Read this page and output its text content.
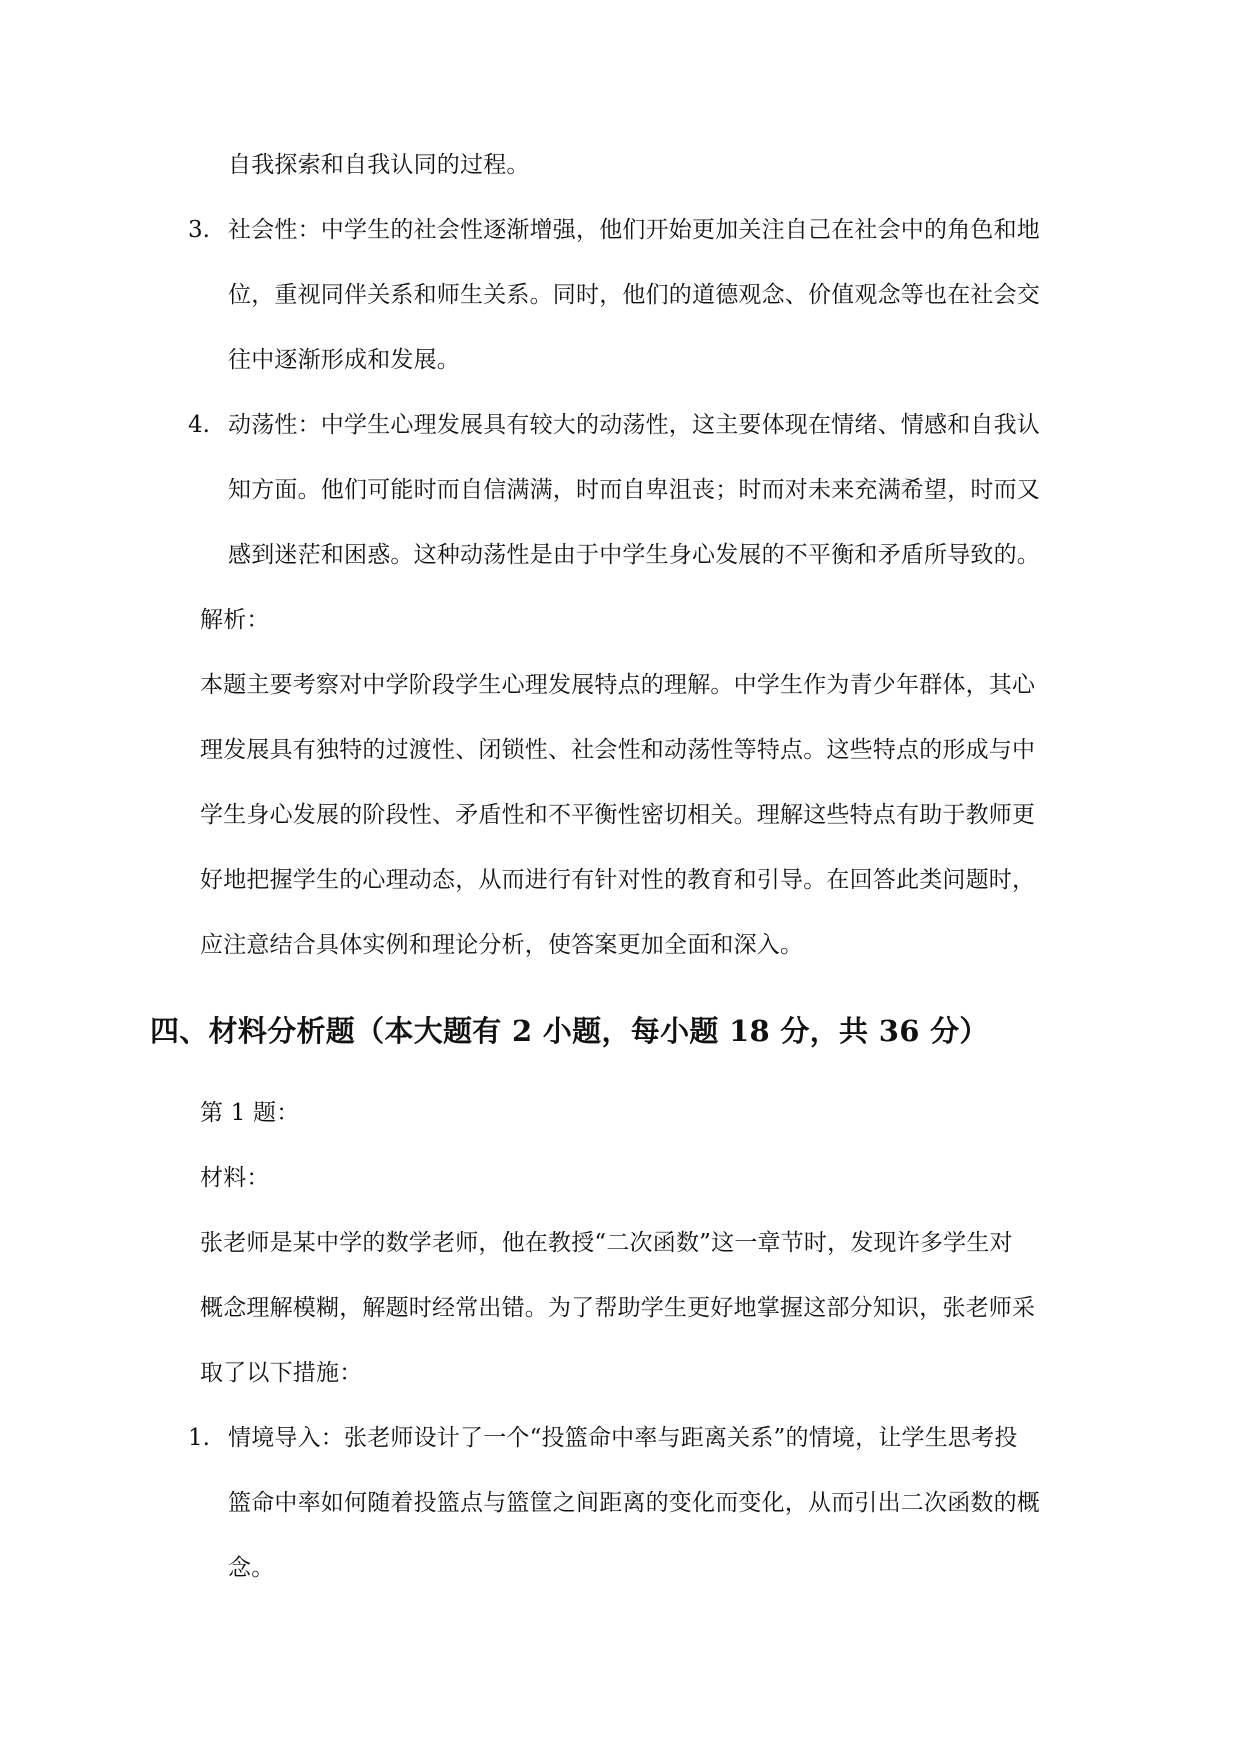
自我探索和自我认同的过程。
3. 社会性：中学生的社会性逐渐增强，他们开始更加关注自己在社会中的角色和地
位，重视同伴关系和师生关系。同时，他们的道德观念、价值观念等也在社会交
往中逐渐形成和发展。
4. 动荡性：中学生心理发展具有较大的动荡性，这主要体现在情绪、情感和自我认
知方面。他们可能时而自信满满，时而自卑沮丧；时而对未来充满希望，时而又
感到迷茫和困惑。这种动荡性是由于中学生身心发展的不平衡和矛盾所导致的。
解析：
本题主要考察对中学阶段学生心理发展特点的理解。中学生作为青少年群体，其心
理发展具有独特的过渡性、闭锁性、社会性和动荡性等特点。这些特点的形成与中
学生身心发展的阶段性、矛盾性和不平衡性密切相关。理解这些特点有助于教师更
好地把握学生的心理动态，从而进行有针对性的教育和引导。在回答此类问题时，
应注意结合具体实例和理论分析，使答案更加全面和深入。
四、材料分析题（本大题有 2 小题，每小题 18 分，共 36 分）
第 1 题：
材料：
张老师是某中学的数学老师，他在教授“二次函数”这一章节时，发现许多学生对
概念理解模糊，解题时经常出错。为了帮助学生更好地掌握这部分知识，张老师采
取了以下措施：
1. 情境导入：张老师设计了一个“投篮命中率与距离关系”的情境，让学生思考投
篮命中率如何随着投篮点与篮筐之间距离的变化而变化，从而引出二次函数的概
念。
